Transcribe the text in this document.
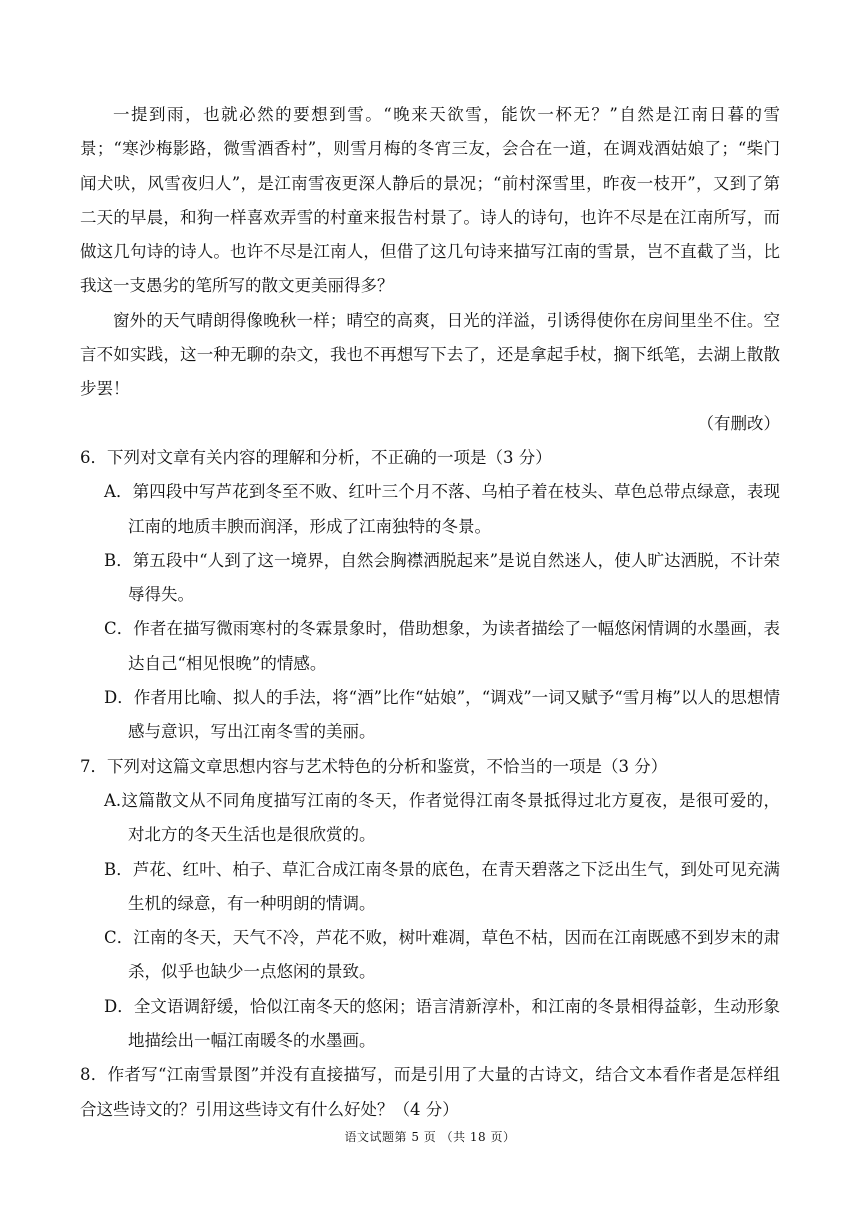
一提到雨，也就必然的要想到雪。“晚来天欲雪，能饮一杯无？”自然是江南日暮的雪景；“寒沙梅影路，微雪酒香村”，则雪月梅的冬宵三友，会合在一道，在调戏酒姑娘了；“柴门闻犬吠，风雪夜归人”，是江南雪夜更深人静后的景况；“前村深雪里，昨夜一枝开”，又到了第二天的早晨，和狗一样喜欢弄雪的村童来报告村景了。诗人的诗句，也许不尽是在江南所写，而做这几句诗的诗人。也许不尽是江南人，但借了这几句诗来描写江南的雪景，岂不直截了当，比我这一支愚劣的笔所写的散文更美丽得多？

窗外的天气晴朗得像晚秋一样；晴空的高爽，日光的洋溢，引诱得使你在房间里坐不住。空言不如实践，这一种无聊的杂文，我也不再想写下去了，还是拿起手杖，搁下纸笔，去湖上散散步罢！

（有删改）

6．下列对文章有关内容的理解和分析，不正确的一项是（3 分）

A．第四段中写芦花到冬至不败、红叶三个月不落、乌柏子着在枝头、草色总带点绿意，表现江南的地质丰腴而润泽，形成了江南独特的冬景。

B．第五段中“人到了这一境界，自然会胸襟洒脱起来”是说自然迷人，使人旷达洒脱，不计荣辱得失。

C．作者在描写微雨寒村的冬霖景象时，借助想象，为读者描绘了一幅悠闲情调的水墨画，表达自己“相见恨晚”的情感。

D．作者用比喻、拟人的手法，将“酒”比作“姑娘”，“调戏”一词又赋予“雪月梅”以人的思想情感与意识，写出江南冬雪的美丽。

7．下列对这篇文章思想内容与艺术特色的分析和鉴赏，不恰当的一项是（3 分）

A.这篇散文从不同角度描写江南的冬天，作者觉得江南冬景抵得过北方夏夜，是很可爱的，对北方的冬天生活也是很欣赏的。

B．芦花、红叶、柏子、草汇合成江南冬景的底色，在青天碧落之下泛出生气，到处可见充满生机的绿意，有一种明朗的情调。

C．江南的冬天，天气不冷，芦花不败，树叶难凋，草色不枯，因而在江南既感不到岁末的肃杀，似乎也缺少一点悠闲的景致。

D．全文语调舒缓，恰似江南冬天的悠闲；语言清新淳朴，和江南的冬景相得益彰，生动形象地描绘出一幅江南暖冬的水墨画。

8．作者写“江南雪景图”并没有直接描写，而是引用了大量的古诗文，结合文本看作者是怎样组合这些诗文的？引用这些诗文有什么好处？（4 分）

语文试题第 5 页 （共 18 页）
